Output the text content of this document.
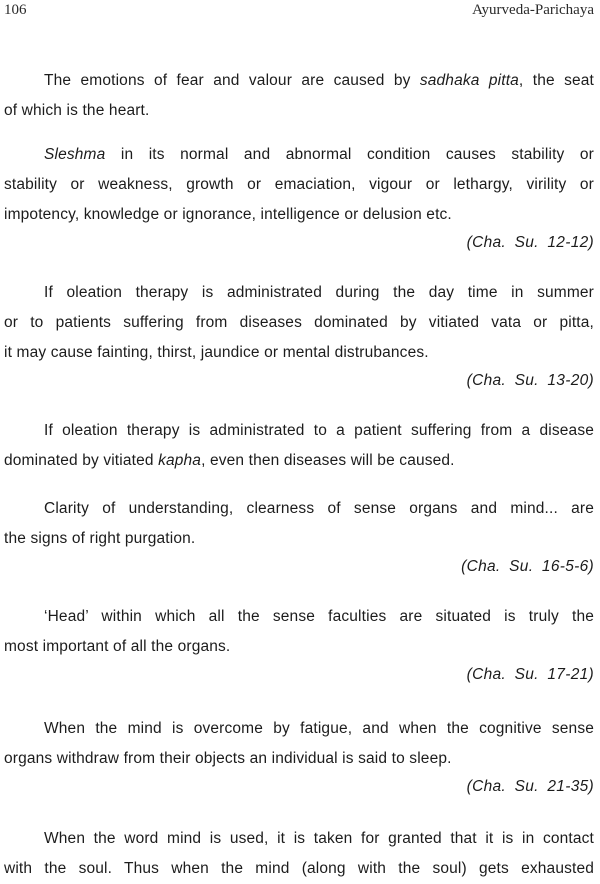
106	Ayurveda-Parichaya
The emotions of fear and valour are caused by sadhaka pitta, the seat
of which is the heart.
Sleshma in its normal and abnormal condition causes stability or
stability or weakness, growth or emaciation, vigour or lethargy, virility or
impotency, knowledge or ignorance, intelligence or delusion etc.
(Cha. Su. 12-12)
If oleation therapy is administrated during the day time in summer
or to patients suffering from diseases dominated by vitiated vata or pitta,
it may cause fainting, thirst, jaundice or mental distrubances.
(Cha. Su. 13-20)
If oleation therapy is administrated to a patient suffering from a disease
dominated by vitiated kapha, even then diseases will be caused.
Clarity of understanding, clearness of sense organs and mind... are
the signs of right purgation.
(Cha. Su. 16-5-6)
‘Head’ within which all the sense faculties are situated is truly the
most important of all the organs.
(Cha. Su. 17-21)
When the mind is overcome by fatigue, and when the cognitive sense
organs withdraw from their objects an individual is said to sleep.
(Cha. Su. 21-35)
When the word mind is used, it is taken for granted that it is in contact
with the soul. Thus when the mind (along with the soul) gets exhausted
